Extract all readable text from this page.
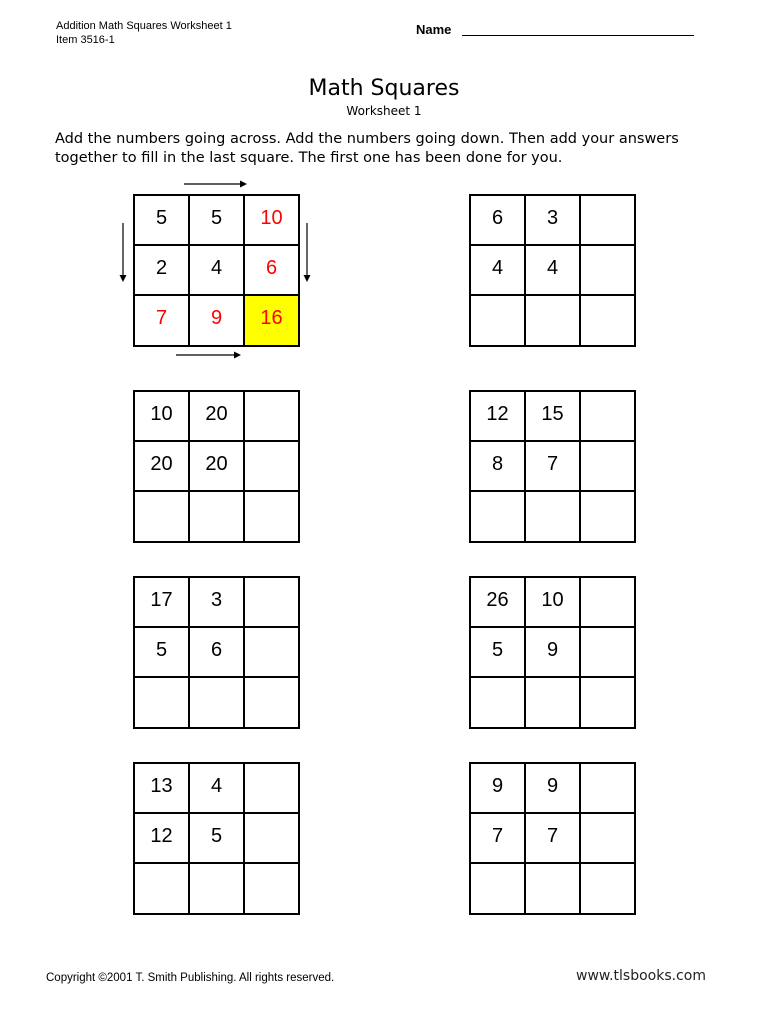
Addition Math Squares Worksheet 1
Item 3516-1
Name
Math Squares
Worksheet 1
Add the numbers going across. Add the numbers going down. Then add your answers together to fill in the last square. The first one has been done for you.
5	5	10
2	4	6
7	9	16
6	3
4	4
10	20
20	20
12	15
8	7
17	3
5	6
26	10
5	9
13	4
12	5
9	9
7	7
Copyright ©2001 T. Smith Publishing. All rights reserved.	www.tlsbooks.com
